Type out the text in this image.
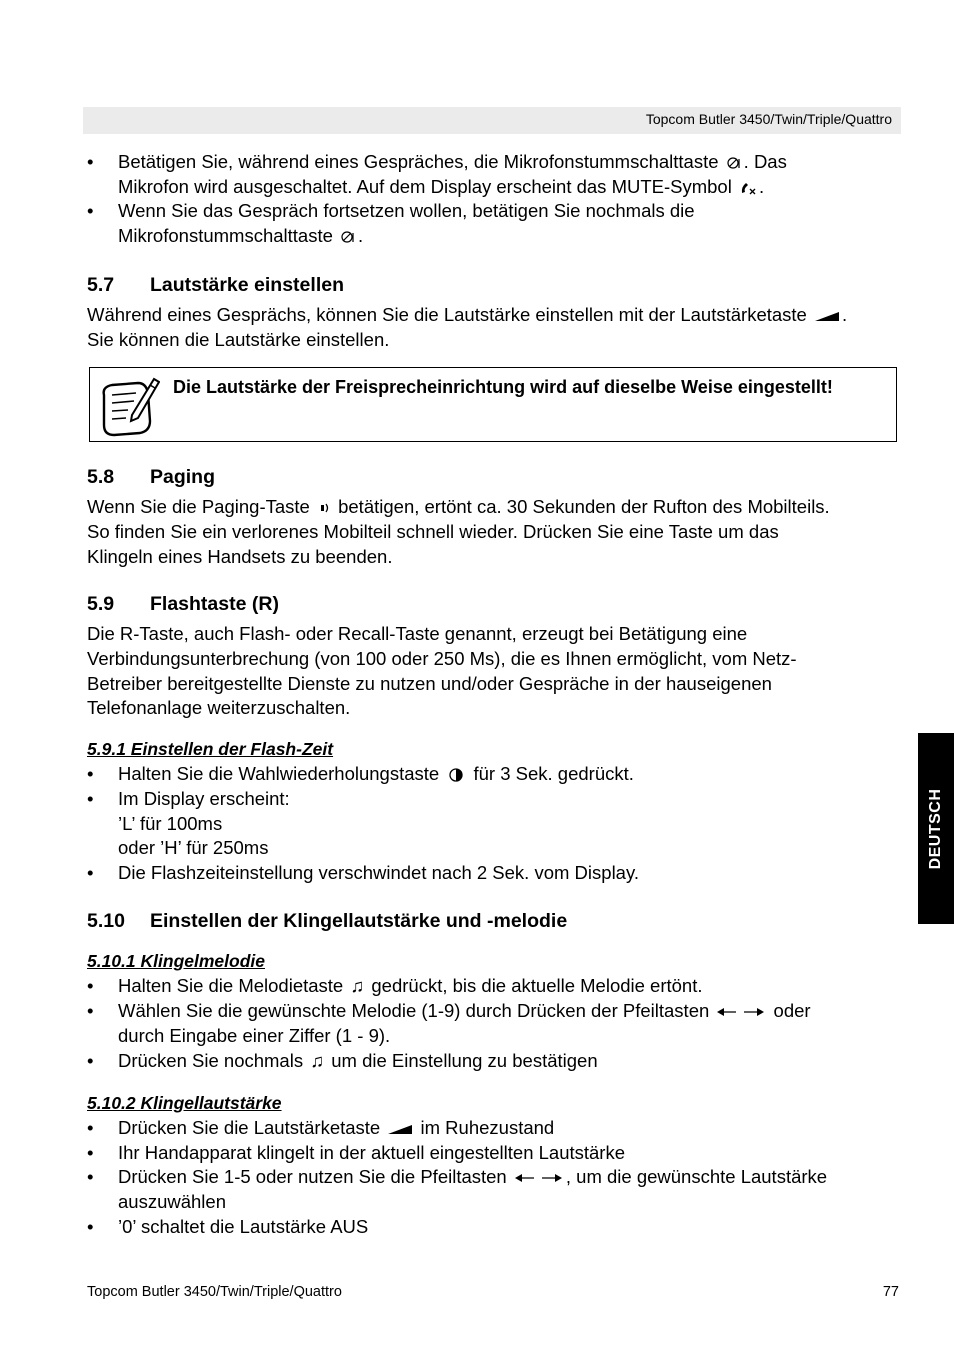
Topcom Butler 3450/Twin/Triple/Quattro
DEUTSCH
• Betätigen Sie, während eines Gespräches, die Mikrofonstummschalttaste . Das
Mikrofon wird ausgeschaltet. Auf dem Display erscheint das MUTE-Symbol .
• Wenn Sie das Gespräch fortsetzen wollen, betätigen Sie nochmals die
Mikrofonstummschalttaste .
5.7 Lautstärke einstellen

Während eines Gesprächs, können Sie die Lautstärke einstellen mit der Lautstärketaste .

Sie können die Lautstärke einstellen.

Die Lautstärke der Freisprecheinrichtung wird auf dieselbe Weise eingestellt!
5.8 Paging

Wenn Sie die Paging-Taste  betätigen, ertönt ca. 30 Sekunden der Rufton des Mobilteils.

So finden Sie ein verlorenes Mobilteil schnell wieder. Drücken Sie eine Taste um das

Klingeln eines Handsets zu beenden.

5.9 Flashtaste (R)

Die R-Taste, auch Flash- oder Recall-Taste genannt, erzeugt bei Betätigung eine

Verbindungsunterbrechung (von 100 oder 250 Ms), die es Ihnen ermöglicht, vom Netz-

Betreiber bereitgestellte Dienste zu nutzen und/oder Gespräche in der hauseigenen

Telefonanlage weiterzuschalten.

5.9.1 Einstellen der Flash-Zeit
• Halten Sie die Wahlwiederholungstaste  für 3 Sek. gedrückt.
• Im Display erscheint:
’L’ für 100ms
oder ’H’ für 250ms
• Die Flashzeiteinstellung verschwindet nach 2 Sek. vom Display.
5.10 Einstellen der Klingellautstärke und -melodie
5.10.1 Klingelmelodie
• Halten Sie die Melodietaste ♫ gedrückt, bis die aktuelle Melodie ertönt.
• Wählen Sie die gewünschte Melodie (1-9) durch Drücken der Pfeiltasten	oder
durch Eingabe einer Ziffer (1 - 9).
• Drücken Sie nochmals ♫ um die Einstellung zu bestätigen
5.10.2 Klingellautstärke
• Drücken Sie die Lautstärketaste  im Ruhezustand
• Ihr Handapparat klingelt in der aktuell eingestellten Lautstärke
• Drücken Sie 1-5 oder nutzen Sie die Pfeiltasten	, um die gewünschte Lautstärke
auszuwählen
• ’0’ schaltet die Lautstärke AUS
Topcom Butler 3450/Twin/Triple/Quattro	77
